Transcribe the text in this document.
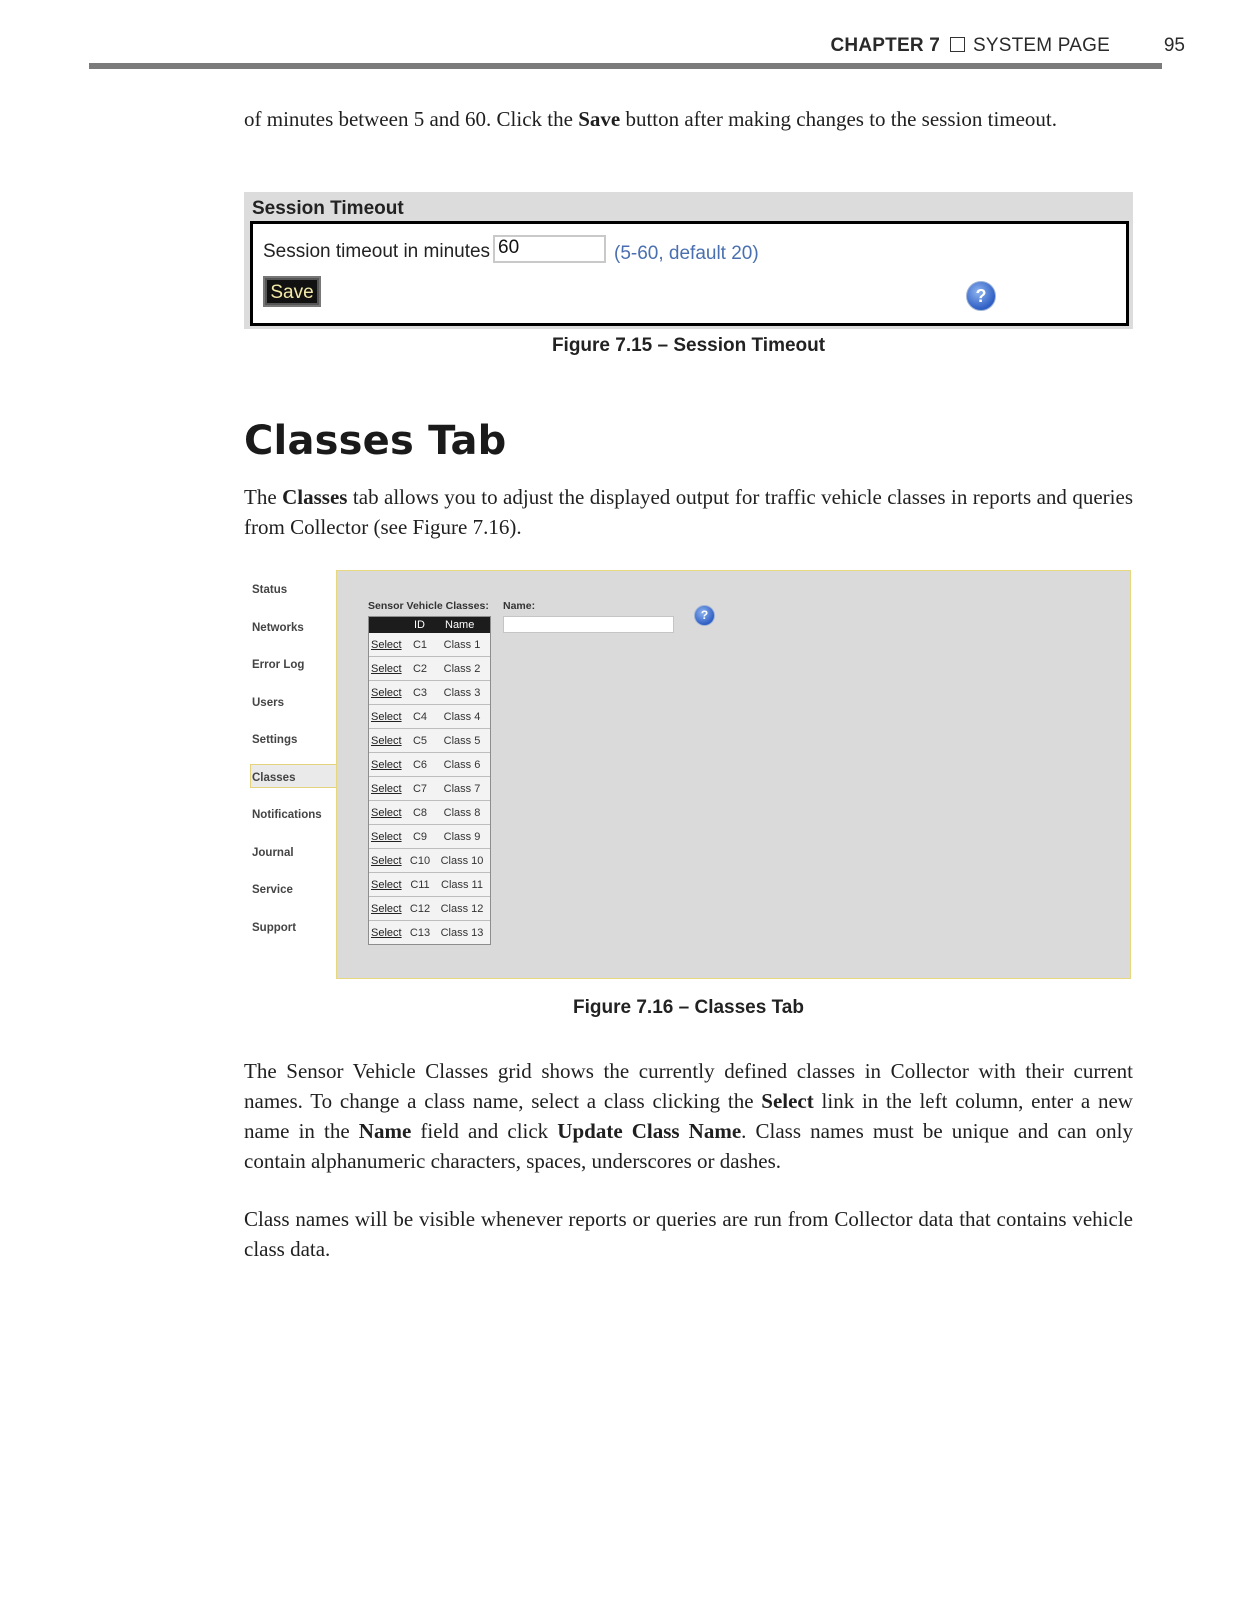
CHAPTER 7 SYSTEM PAGE	95
of minutes between 5 and 60. Click the Save button after making changes to the session timeout.
Session Timeout
Session timeout in minutes 60	(5-60, default 20)
Save	?
Figure 7.15 – Session Timeout
Classes Tab
The Classes tab allows you to adjust the displayed output for traffic vehicle classes in reports and queries from Collector (see Figure 7.16).
Status
Networks
Error Log
Users
Settings
Classes
Notifications
Journal
Service
Support
Sensor Vehicle Classes: Name:
?
ID Name
Select	C1	Class 1
Select	C2	Class 2
Select	C3	Class 3
Select	C4	Class 4
Select	C5	Class 5
Select	C6	Class 6
Select	C7	Class 7
Select	C8	Class 8
Select	C9	Class 9
Select C10 Class 10
Select C11	Class 11
Select C12 Class 12
Select C13 Class 13
Figure 7.16 – Classes Tab
The Sensor Vehicle Classes grid shows the currently defined classes in Collector with their current names. To change a class name, select a class clicking the Select link in the left column, enter a new name in the Name field and click Update Class Name. Class names must be unique and can only contain alphanumeric characters, spaces, underscores or dashes.
Class names will be visible whenever reports or queries are run from Collector data that contains vehicle class data.
